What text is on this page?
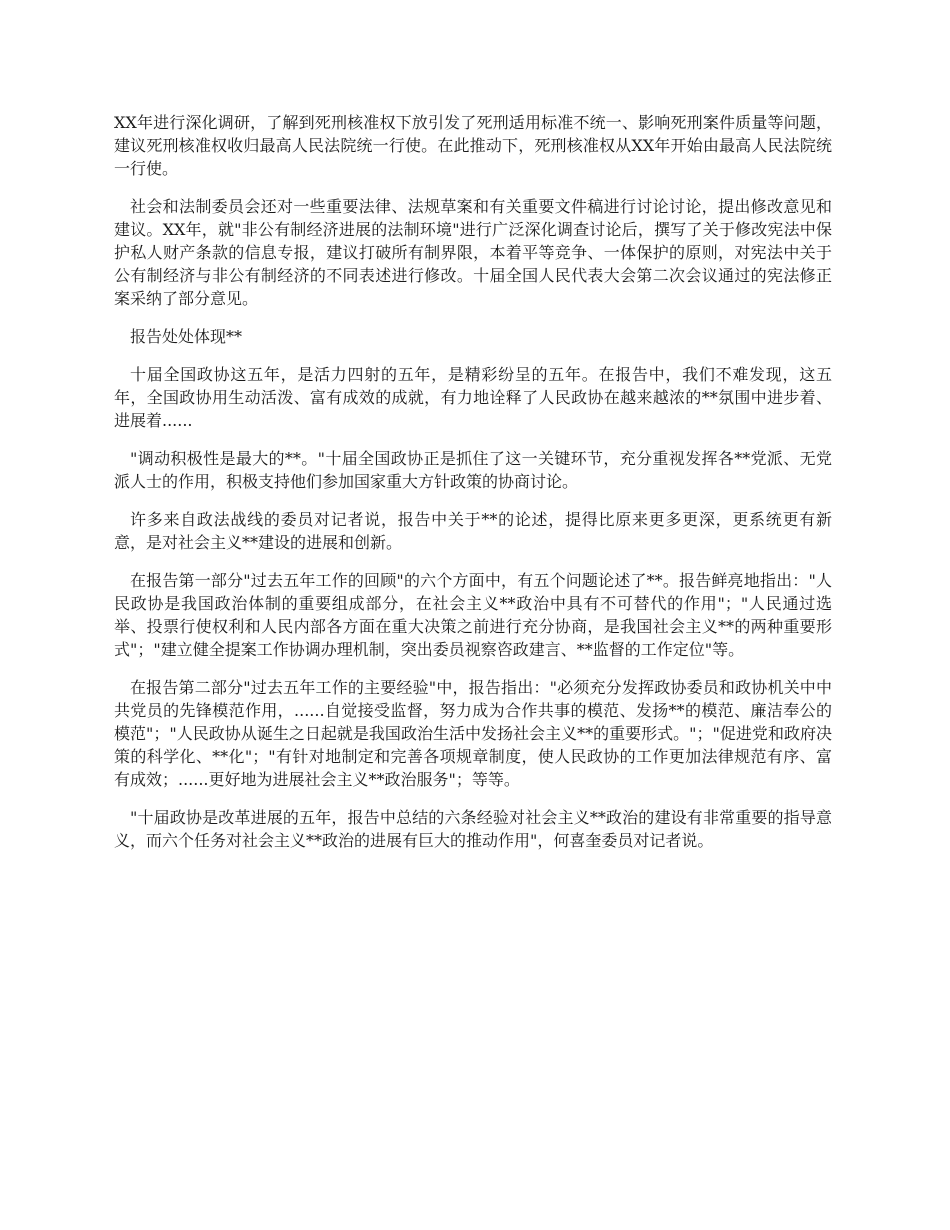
XX年进行深化调研，了解到死刑核准权下放引发了死刑适用标准不统一、影响死刑案件质量等问题，建议死刑核准权收归最高人民法院统一行使。在此推动下，死刑核准权从XX年开始由最高人民法院统一行使。

社会和法制委员会还对一些重要法律、法规草案和有关重要文件稿进行讨论讨论，提出修改意见和建议。XX年，就"非公有制经济进展的法制环境"进行广泛深化调查讨论后，撰写了关于修改宪法中保护私人财产条款的信息专报，建议打破所有制界限，本着平等竞争、一体保护的原则，对宪法中关于公有制经济与非公有制经济的不同表述进行修改。十届全国人民代表大会第二次会议通过的宪法修正案采纳了部分意见。

报告处处体现**

十届全国政协这五年，是活力四射的五年，是精彩纷呈的五年。在报告中，我们不难发现，这五年，全国政协用生动活泼、富有成效的成就，有力地诠释了人民政协在越来越浓的**氛围中进步着、进展着......

"调动积极性是最大的**。"十届全国政协正是抓住了这一关键环节，充分重视发挥各**党派、无党派人士的作用，积极支持他们参加国家重大方针政策的协商讨论。

许多来自政法战线的委员对记者说，报告中关于**的论述，提得比原来更多更深，更系统更有新意，是对社会主义**建设的进展和创新。

在报告第一部分"过去五年工作的回顾"的六个方面中，有五个问题论述了**。报告鲜亮地指出："人民政协是我国政治体制的重要组成部分，在社会主义**政治中具有不可替代的作用"；"人民通过选举、投票行使权利和人民内部各方面在重大决策之前进行充分协商，是我国社会主义**的两种重要形式"；"建立健全提案工作协调办理机制，突出委员视察咨政建言、**监督的工作定位"等。

在报告第二部分"过去五年工作的主要经验"中，报告指出："必须充分发挥政协委员和政协机关中中共党员的先锋模范作用，......自觉接受监督，努力成为合作共事的模范、发扬**的模范、廉洁奉公的模范"；"人民政协从诞生之日起就是我国政治生活中发扬社会主义**的重要形式。"；"促进党和政府决策的科学化、**化"；"有针对地制定和完善各项规章制度，使人民政协的工作更加法律规范有序、富有成效；......更好地为进展社会主义**政治服务"；等等。

"十届政协是改革进展的五年，报告中总结的六条经验对社会主义**政治的建设有非常重要的指导意义，而六个任务对社会主义**政治的进展有巨大的推动作用"，何喜奎委员对记者说。
